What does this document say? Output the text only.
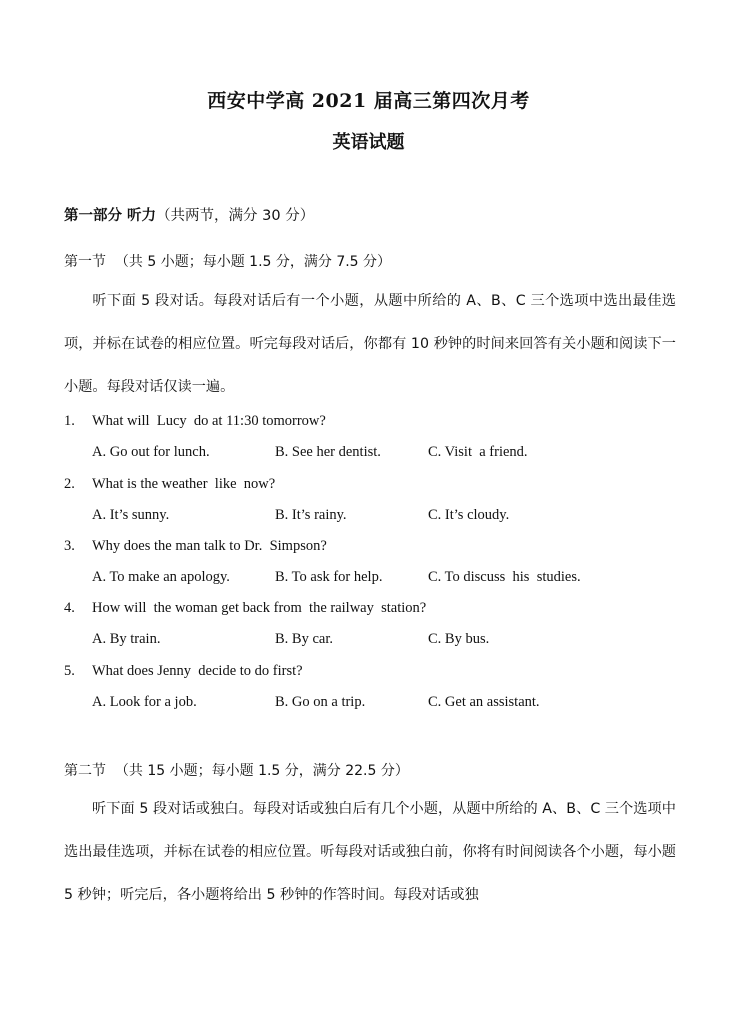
西安中学高 2021 届高三第四次月考
英语试题
第一部分 听力（共两节，满分 30 分）
第一节  （共 5 小题；每小题 1.5 分，满分 7.5 分）
听下面 5 段对话。每段对话后有一个小题，从题中所给的 A、B、C 三个选项中选出最佳选项，并标在试卷的相应位置。听完每段对话后，你都有 10 秒钟的时间来回答有关小题和阅读下一小题。每段对话仅读一遍。
1. What will  Lucy  do at 11:30 tomorrow?
A. Go out for lunch.	B. See her dentist.	C. Visit  a friend.
2. What is the weather  like  now?
A. It’s sunny.	B. It’s rainy.	C. It’s cloudy.
3. Why does the man talk to Dr.  Simpson?
A. To make an apology.	B. To ask for help.	C. To discuss  his  studies.
4. How will  the woman get back from  the railway  station?
A. By train.	B. By car.	C. By bus.
5. What does Jenny  decide to do first?
A. Look for a job.	B. Go on a trip.	C. Get an assistant.
第二节  （共 15 小题；每小题 1.5 分，满分 22.5 分）
听下面 5 段对话或独白。每段对话或独白后有几个小题，从题中所给的 A、B、C 三个选项中选出最佳选项，并标在试卷的相应位置。听每段对话或独白前，你将有时间阅读各个小题，每小题 5 秒钟；听完后，各小题将给出 5 秒钟的作答时间。每段对话或独
